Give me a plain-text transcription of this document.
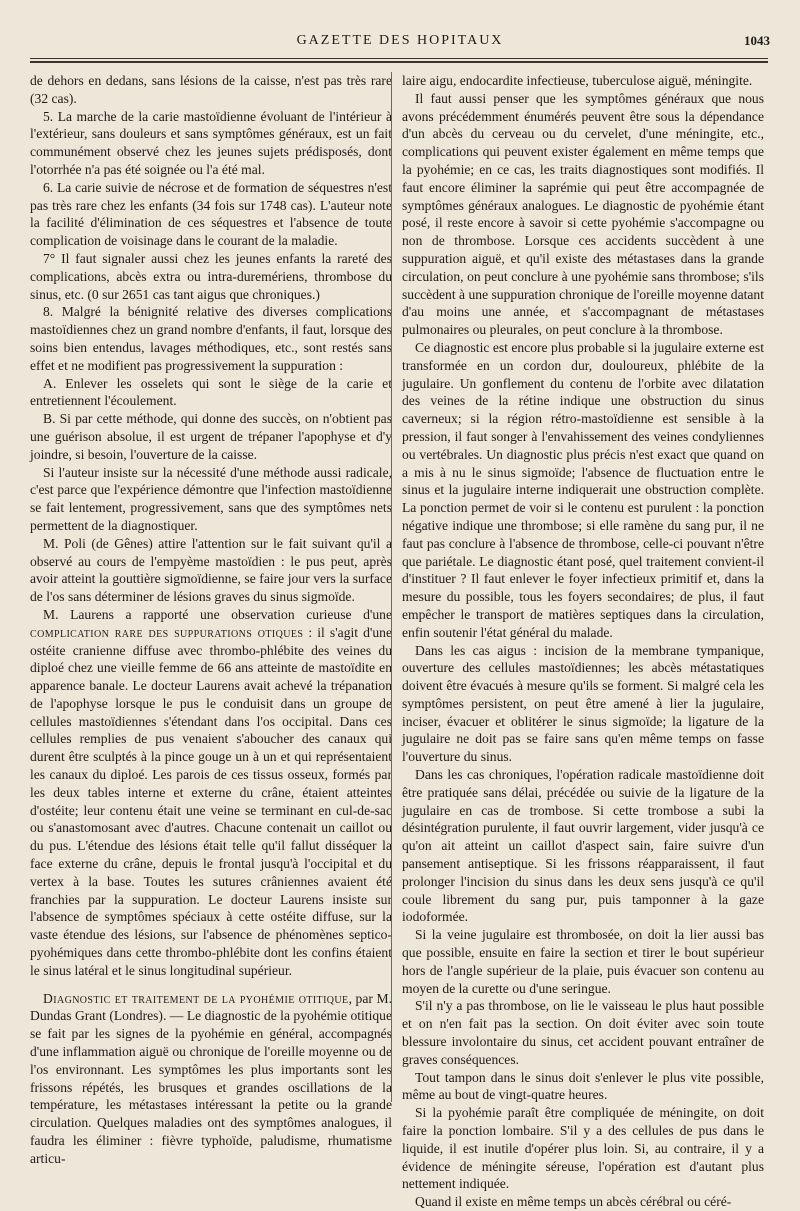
GAZETTE DES HOPITAUX	1043

de dehors en dedans, sans lésions de la caisse, n'est pas très rare (32 cas).

5. La marche de la carie mastoïdienne évoluant de l'intérieur à l'extérieur, sans douleurs et sans symptômes généraux, est un fait communément observé chez les jeunes sujets prédisposés, dont l'otorrhée n'a pas été soignée ou l'a été mal.

6. La carie suivie de nécrose et de formation de séquestres n'est pas très rare chez les enfants (34 fois sur 1748 cas). L'auteur note la facilité d'élimination de ces séquestres et l'absence de toute complication de voisinage dans le courant de la maladie.

7° Il faut signaler aussi chez les jeunes enfants la rareté des complications, abcès extra ou intra-duremériens, thrombose du sinus, etc. (0 sur 2651 cas tant aigus que chroniques.)

8. Malgré la bénignité relative des diverses complications mastoïdiennes chez un grand nombre d'enfants, il faut, lorsque des soins bien entendus, lavages méthodiques, etc., sont restés sans effet et ne modifient pas progressivement la suppuration :

A. Enlever les osselets qui sont le siège de la carie et entretiennent l'écoulement.

B. Si par cette méthode, qui donne des succès, on n'obtient pas une guérison absolue, il est urgent de trépaner l'apophyse et d'y joindre, si besoin, l'ouverture de la caisse.

Si l'auteur insiste sur la nécessité d'une méthode aussi radicale, c'est parce que l'expérience démontre que l'infection mastoïdienne se fait lentement, progressivement, sans que des symptômes nets permettent de la diagnostiquer.

M. Poli (de Gênes) attire l'attention sur le fait suivant qu'il a observé au cours de l'empyème mastoïdien : le pus peut, après avoir atteint la gouttière sigmoïdienne, se faire jour vers la surface de l'os sans déterminer de lésions graves du sinus sigmoïde.

M. Laurens a rapporté une observation curieuse d'une complication rare des suppurations otiques : il s'agit d'une ostéite cranienne diffuse avec thrombo-phlébite des veines du diploé chez une vieille femme de 66 ans atteinte de mastoïdite en apparence banale. Le docteur Laurens avait achevé la trépanation de l'apophyse lorsque le pus le conduisit dans un groupe de cellules mastoïdiennes s'étendant dans l'os occipital. Dans ces cellules remplies de pus venaient s'aboucher des canaux qui durent être sculptés à la pince gouge un à un et qui représentaient les canaux du diploé. Les parois de ces tissus osseux, formés par les deux tables interne et externe du crâne, étaient atteintes d'ostéite; leur contenu était une veine se terminant en cul-de-sac ou s'anastomosant avec d'autres. Chacune contenait un caillot ou du pus. L'étendue des lésions était telle qu'il fallut disséquer la face externe du crâne, depuis le frontal jusqu'à l'occipital et du vertex à la base. Toutes les sutures crâniennes avaient été franchies par la suppuration. Le docteur Laurens insiste sur l'absence de symptômes spéciaux à cette ostéite diffuse, sur la vaste étendue des lésions, sur l'absence de phénomènes septico-pyohémiques dans cette thrombo-phlébite dont les confins étaient le sinus latéral et le sinus longitudinal supérieur.

Diagnostic et traitement de la pyohémie otitique, par M. Dundas Grant (Londres). — Le diagnostic de la pyohémie otitique se fait par les signes de la pyohémie en général, accompagnés d'une inflammation aiguë ou chronique de l'oreille moyenne ou de l'os environnant. Les symptômes les plus importants sont les frissons répétés, les brusques et grandes oscillations de la température, les métastases intéressant la petite ou la grande circulation. Quelques maladies ont des symptômes analogues, il faudra les éliminer : fièvre typhoïde, paludisme, rhumatisme articu-

laire aigu, endocardite infectieuse, tuberculose aiguë, méningite.

Il faut aussi penser que les symptômes généraux que nous avons précédemment énumérés peuvent être sous la dépendance d'un abcès du cerveau ou du cervelet, d'une méningite, etc., complications qui peuvent exister également en même temps que la pyohémie; en ce cas, les traits diagnostiques sont modifiés. Il faut encore éliminer la saprémie qui peut être accompagnée de symptômes généraux analogues. Le diagnostic de pyohémie étant posé, il reste encore à savoir si cette pyohémie s'accompagne ou non de thrombose. Lorsque ces accidents succèdent à une suppuration aiguë, et qu'il existe des métastases dans la grande circulation, on peut conclure à une pyohémie sans thrombose; s'ils succèdent à une suppuration chronique de l'oreille moyenne datant d'au moins une année, et s'accompagnant de métastases pulmonaires ou pleurales, on peut conclure à la thrombose.

Ce diagnostic est encore plus probable si la jugulaire externe est transformée en un cordon dur, douloureux, phlébite de la jugulaire. Un gonflement du contenu de l'orbite avec dilatation des veines de la rétine indique une obstruction du sinus caverneux; si la région rétro-mastoïdienne est sensible à la pression, il faut songer à l'envahissement des veines condyliennes ou vertébrales. Un diagnostic plus précis n'est exact que quand on a mis à nu le sinus sigmoïde; l'absence de fluctuation entre le sinus et la jugulaire interne indiquerait une obstruction complète. La ponction permet de voir si le contenu est purulent : la ponction négative indique une thrombose; si elle ramène du sang pur, il ne faut pas conclure à l'absence de thrombose, celle-ci pouvant n'être que pariétale. Le diagnostic étant posé, quel traitement convient-il d'instituer ? Il faut enlever le foyer infectieux primitif et, dans la mesure du possible, tous les foyers secondaires; de plus, il faut empêcher le transport de matières septiques dans la circulation, enfin soutenir l'état général du malade.

Dans les cas aigus : incision de la membrane tympanique, ouverture des cellules mastoïdiennes; les abcès métastatiques doivent être évacués à mesure qu'ils se forment. Si malgré cela les symptômes persistent, on peut être amené à lier la jugulaire, inciser, évacuer et oblitérer le sinus sigmoïde; la ligature de la jugulaire ne doit pas se faire sans qu'en même temps on fasse l'ouverture du sinus.

Dans les cas chroniques, l'opération radicale mastoïdienne doit être pratiquée sans délai, précédée ou suivie de la ligature de la jugulaire en cas de trombose. Si cette trombose a subi la désintégration purulente, il faut ouvrir largement, vider jusqu'à ce qu'on ait atteint un caillot d'aspect sain, faire suivre d'un pansement antiseptique. Si les frissons réapparaissent, il faut prolonger l'incision du sinus dans les deux sens jusqu'à ce qu'il coule librement du sang pur, puis tamponner à la gaze iodoformée.

Si la veine jugulaire est thrombosée, on doit la lier aussi bas que possible, ensuite en faire la section et tirer le bout supérieur hors de l'angle supérieur de la plaie, puis évacuer son contenu au moyen de la curette ou d'une seringue.

S'il n'y a pas thrombose, on lie le vaisseau le plus haut possible et on n'en fait pas la section. On doit éviter avec soin toute blessure involontaire du sinus, cet accident pouvant entraîner de graves conséquences.

Tout tampon dans le sinus doit s'enlever le plus vite possible, même au bout de vingt-quatre heures.

Si la pyohémie paraît être compliquée de méningite, on doit faire la ponction lombaire. S'il y a des cellules de pus dans le liquide, il est inutile d'opérer plus loin. Si, au contraire, il y a évidence de méningite séreuse, l'opération est d'autant plus nettement indiquée.

Quand il existe en même temps un abcès cérébral ou céré-
